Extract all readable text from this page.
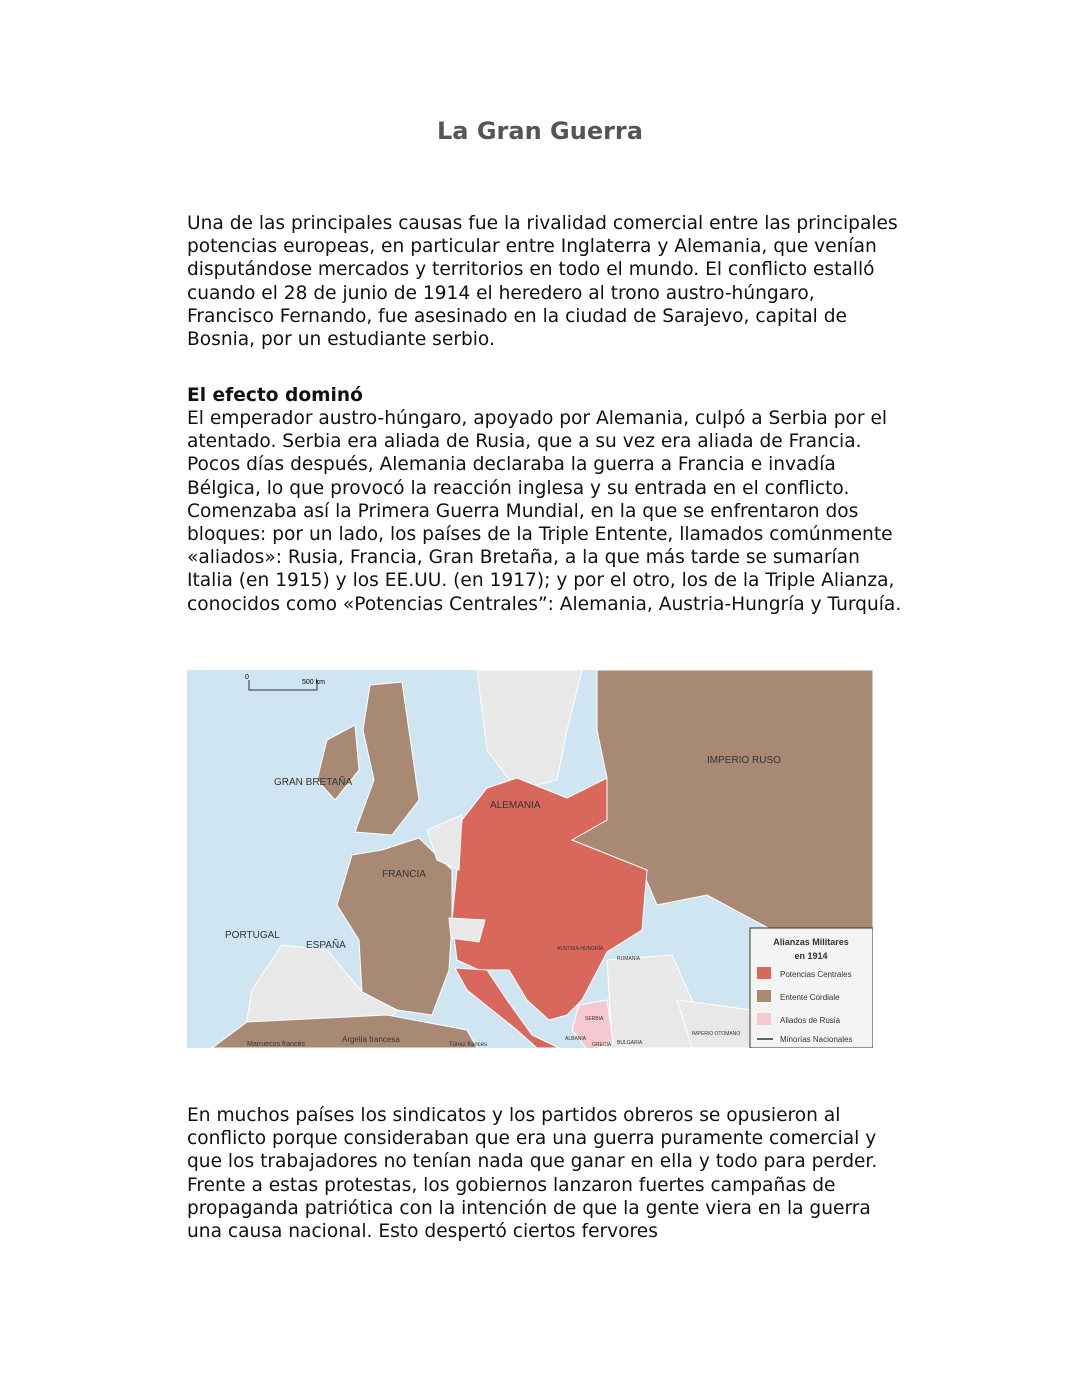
La Gran Guerra

Una de las principales causas fue la rivalidad comercial entre las principales potencias europeas, en particular entre Inglaterra y Alemania, que venían disputándose mercados y territorios en todo el mundo. El conflicto estalló cuando el 28 de junio de 1914 el heredero al trono austro-húngaro, Francisco Fernando, fue asesinado en la ciudad de Sarajevo, capital de Bosnia, por un estudiante serbio.

El efecto dominó

El emperador austro-húngaro, apoyado por Alemania, culpó a Serbia por el atentado. Serbia era aliada de Rusia, que a su vez era aliada de Francia. Pocos días después, Alemania declaraba la guerra a Francia e invadía Bélgica, lo que provocó la reacción inglesa y su entrada en el conflicto. Comenzaba así la Primera Guerra Mundial, en la que se enfrentaron dos bloques: por un lado, los países de la Triple Entente, llamados comúnmente «aliados»: Rusia, Francia, Gran Bretaña, a la que más tarde se sumarían Italia (en 1915) y los EE.UU. (en 1917); y por el otro, los de la Triple Alianza, conocidos como «Potencias Centrales”: Alemania, Austria-Hungría y Turquía.

0
500 km
GRAN BRETAÑA
ALEMANIA
FRANCIA
PORTUGAL
ESPAÑA
IMPERIO RUSO
AUSTRIA-HUNGRÍA
RUMANIA
SERBIA
BULGARIA
ALBANIA
GRECIA
IMPERIO OTOMANO
Argelia francesa
Marruecos francés	Túnez francés
Alianzas Militares
en 1914
Potencias Centrales
Entente Cordiale
Aliados de Rusia
Minorías Nacionales

En muchos países los sindicatos y los partidos obreros se opusieron al conflicto porque consideraban que era una guerra puramente comercial y que los trabajadores no tenían nada que ganar en ella y todo para perder. Frente a estas protestas, los gobiernos lanzaron fuertes campañas de propaganda patriótica con la intención de que la gente viera en la guerra una causa nacional. Esto despertó ciertos fervores
